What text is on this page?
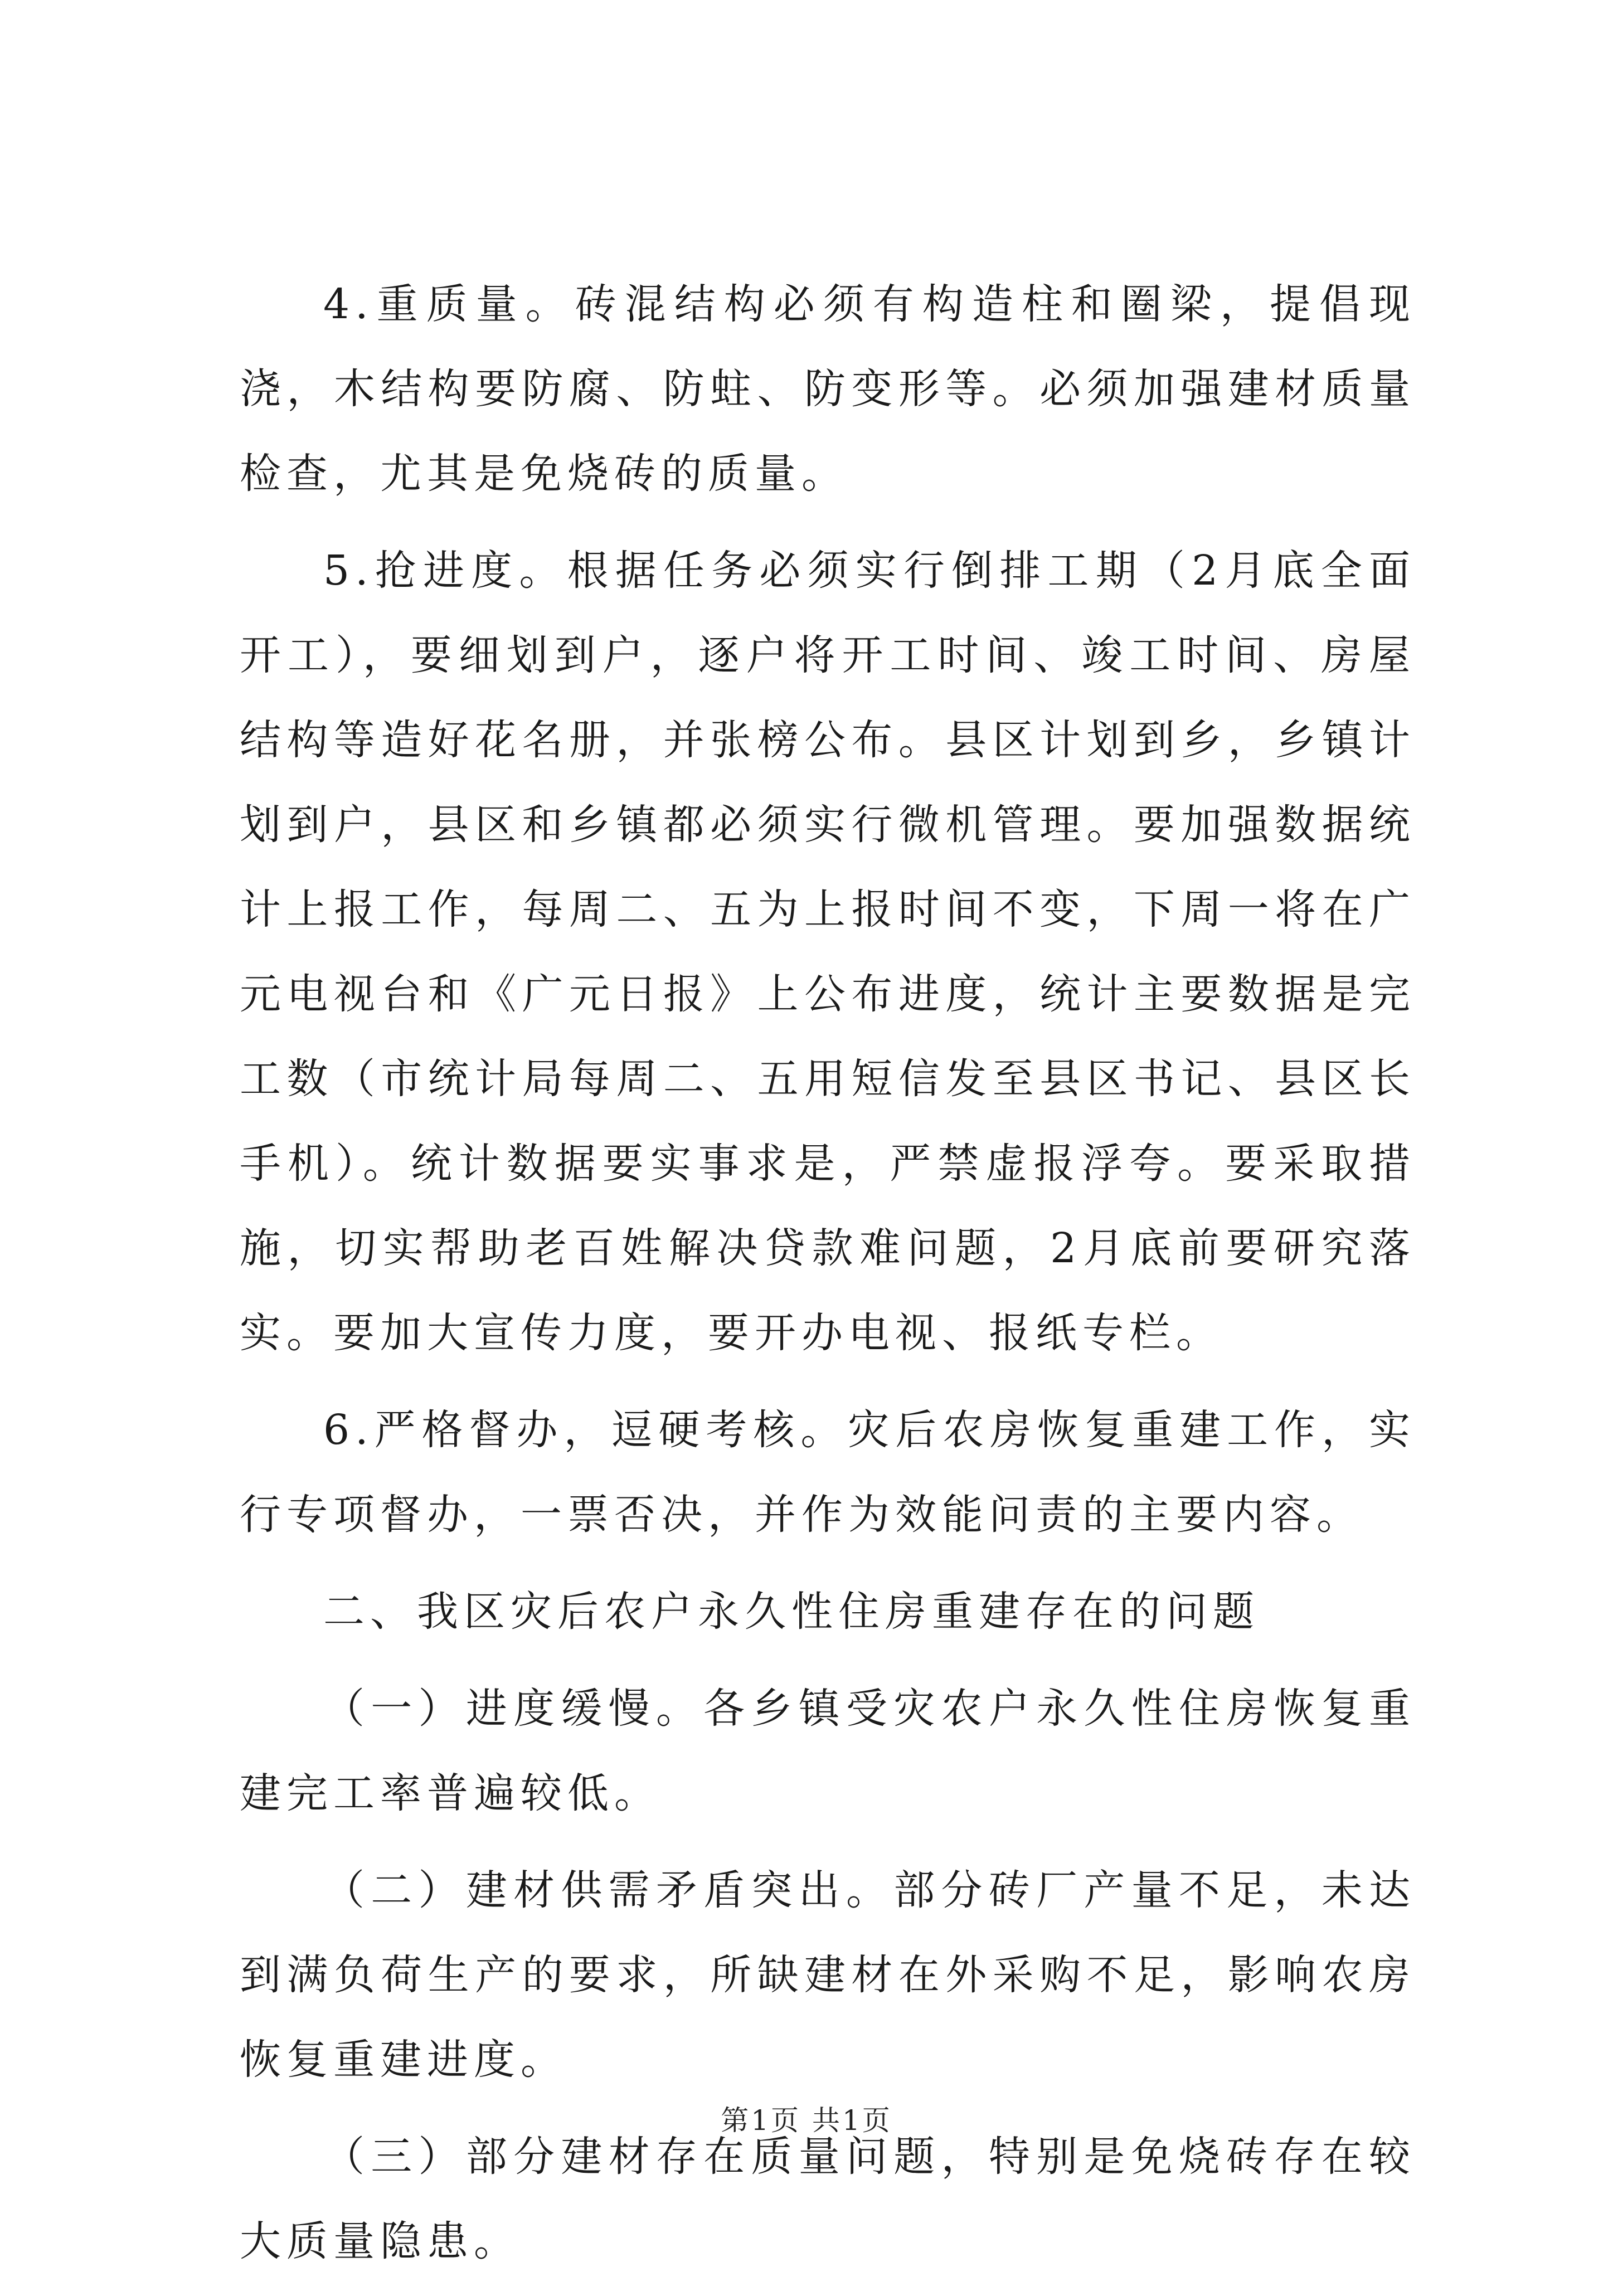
4.重质量。砖混结构必须有构造柱和圈梁，提倡现浇，木结构要防腐、防蛀、防变形等。必须加强建材质量检查，尤其是免烧砖的质量。

5.抢进度。根据任务必须实行倒排工期（2月底全面开工），要细划到户，逐户将开工时间、竣工时间、房屋结构等造好花名册，并张榜公布。县区计划到乡，乡镇计划到户，县区和乡镇都必须实行微机管理。要加强数据统计上报工作，每周二、五为上报时间不变，下周一将在广元电视台和《广元日报》上公布进度，统计主要数据是完工数（市统计局每周二、五用短信发至县区书记、县区长手机）。统计数据要实事求是，严禁虚报浮夸。要采取措施，切实帮助老百姓解决贷款难问题，2月底前要研究落实。要加大宣传力度，要开办电视、报纸专栏。

6.严格督办，逗硬考核。灾后农房恢复重建工作，实行专项督办，一票否决，并作为效能问责的主要内容。

二、我区灾后农户永久性住房重建存在的问题

（一）进度缓慢。各乡镇受灾农户永久性住房恢复重建完工率普遍较低。

（二）建材供需矛盾突出。部分砖厂产量不足，未达到满负荷生产的要求，所缺建材在外采购不足，影响农房恢复重建进度。

（三）部分建材存在质量问题，特别是免烧砖存在较大质量隐患。

第1页 共1页
